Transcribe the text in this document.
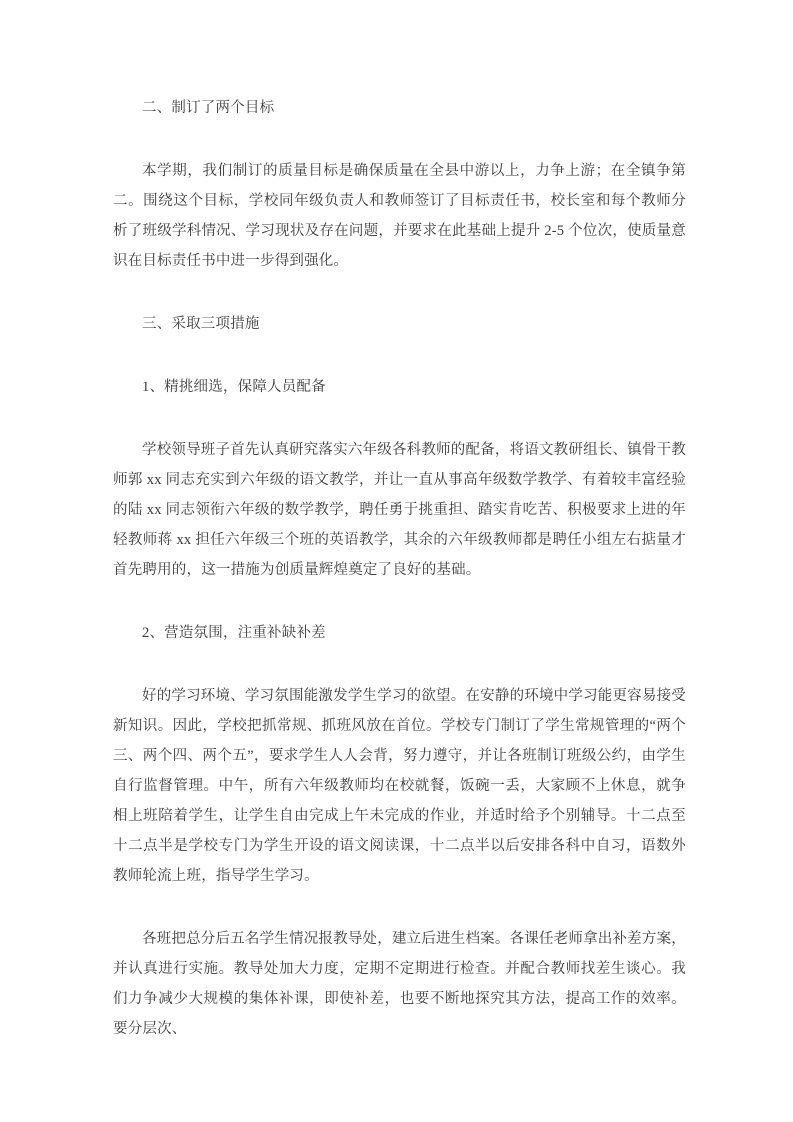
二、制订了两个目标
本学期，我们制订的质量目标是确保质量在全县中游以上，力争上游；在全镇争第二。围绕这个目标，学校同年级负责人和教师签订了目标责任书，校长室和每个教师分析了班级学科情况、学习现状及存在问题，并要求在此基础上提升 2-5 个位次，使质量意识在目标责任书中进一步得到强化。
三、采取三项措施
1、精挑细选，保障人员配备
学校领导班子首先认真研究落实六年级各科教师的配备，将语文教研组长、镇骨干教师郭 xx 同志充实到六年级的语文教学，并让一直从事高年级数学教学、有着较丰富经验的陆 xx 同志领衔六年级的数学教学，聘任勇于挑重担、踏实肯吃苦、积极要求上进的年轻教师蒋 xx 担任六年级三个班的英语教学，其余的六年级教师都是聘任小组左右掂量才首先聘用的，这一措施为创质量辉煌奠定了良好的基础。
2、营造氛围，注重补缺补差
好的学习环境、学习氛围能激发学生学习的欲望。在安静的环境中学习能更容易接受新知识。因此，学校把抓常规、抓班风放在首位。学校专门制订了学生常规管理的“两个三、两个四、两个五”，要求学生人人会背，努力遵守，并让各班制订班级公约，由学生自行监督管理。中午，所有六年级教师均在校就餐，饭碗一丢，大家顾不上休息，就争相上班陪着学生，让学生自由完成上午未完成的作业，并适时给予个别辅导。十二点至十二点半是学校专门为学生开设的语文阅读课，十二点半以后安排各科中自习，语数外教师轮流上班，指导学生学习。
各班把总分后五名学生情况报教导处，建立后进生档案。各课任老师拿出补差方案，并认真进行实施。教导处加大力度，定期不定期进行检查。并配合教师找差生谈心。我们力争减少大规模的集体补课，即使补差，也要不断地探究其方法，提高工作的效率。要分层次、
